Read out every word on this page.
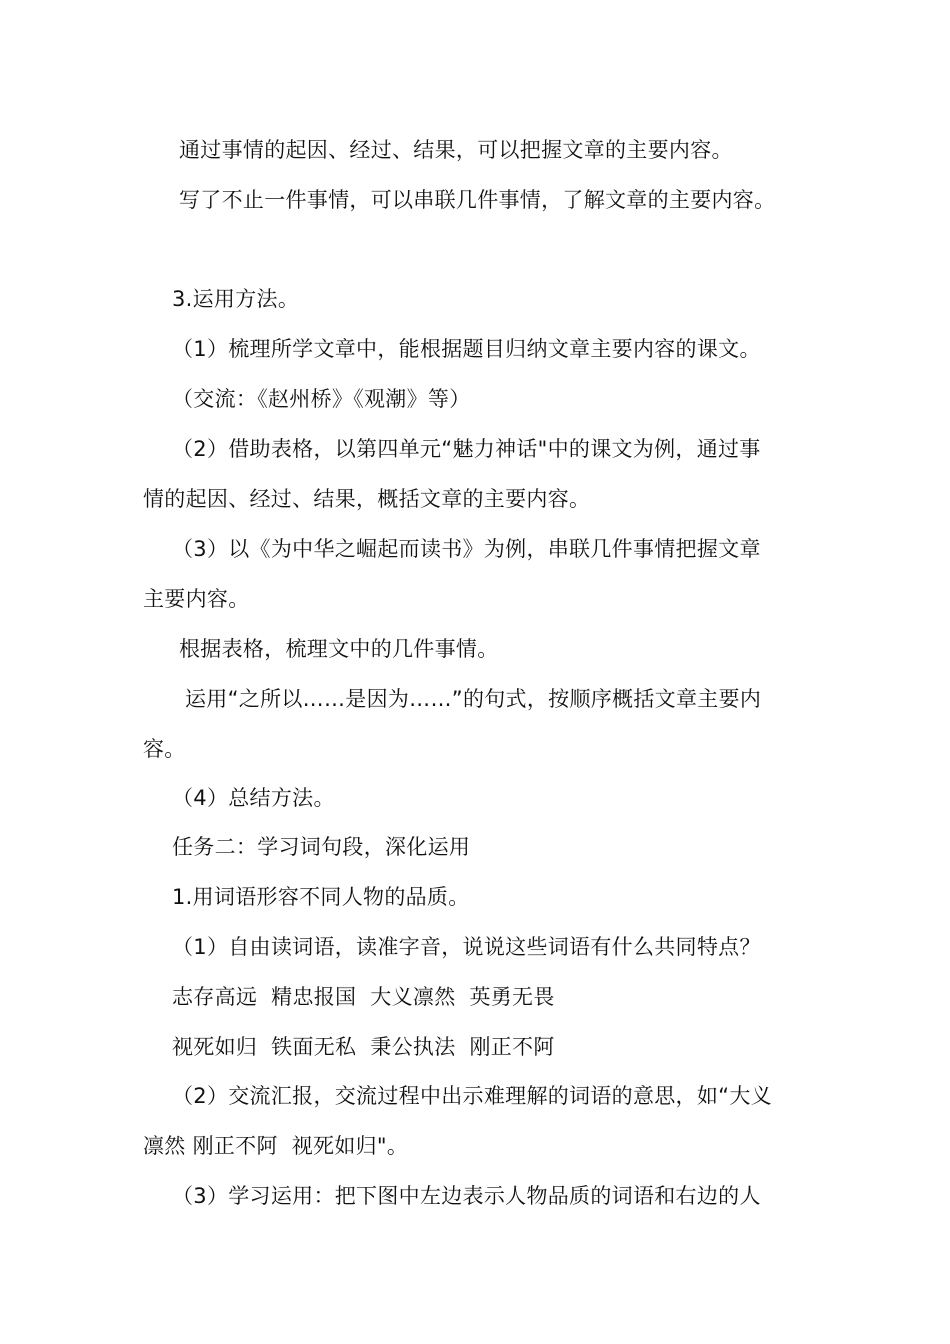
通过事情的起因、经过、结果，可以把握文章的主要内容。
写了不止一件事情，可以串联几件事情，了解文章的主要内容。
3.运用方法。
（1）梳理所学文章中，能根据题目归纳文章主要内容的课文。
（交流：《赵州桥》《观潮》等）
（2）借助表格，以第四单元“魅力神话"中的课文为例，通过事
情的起因、经过、结果，概括文章的主要内容。
（3）以《为中华之崛起而读书》为例，串联几件事情把握文章
主要内容。
根据表格，梳理文中的几件事情。
运用“之所以……是因为……”的句式，按顺序概括文章主要内
容。
（4）总结方法。
任务二：学习词句段，深化运用
1.用词语形容不同人物的品质。
（1）自由读词语，读准字音，说说这些词语有什么共同特点？
志存高远  精忠报国  大义凛然  英勇无畏
视死如归  铁面无私  秉公执法  刚正不阿
（2）交流汇报，交流过程中出示难理解的词语的意思，如“大义
凛然 刚正不阿  视死如归"。
（3）学习运用：把下图中左边表示人物品质的词语和右边的人
